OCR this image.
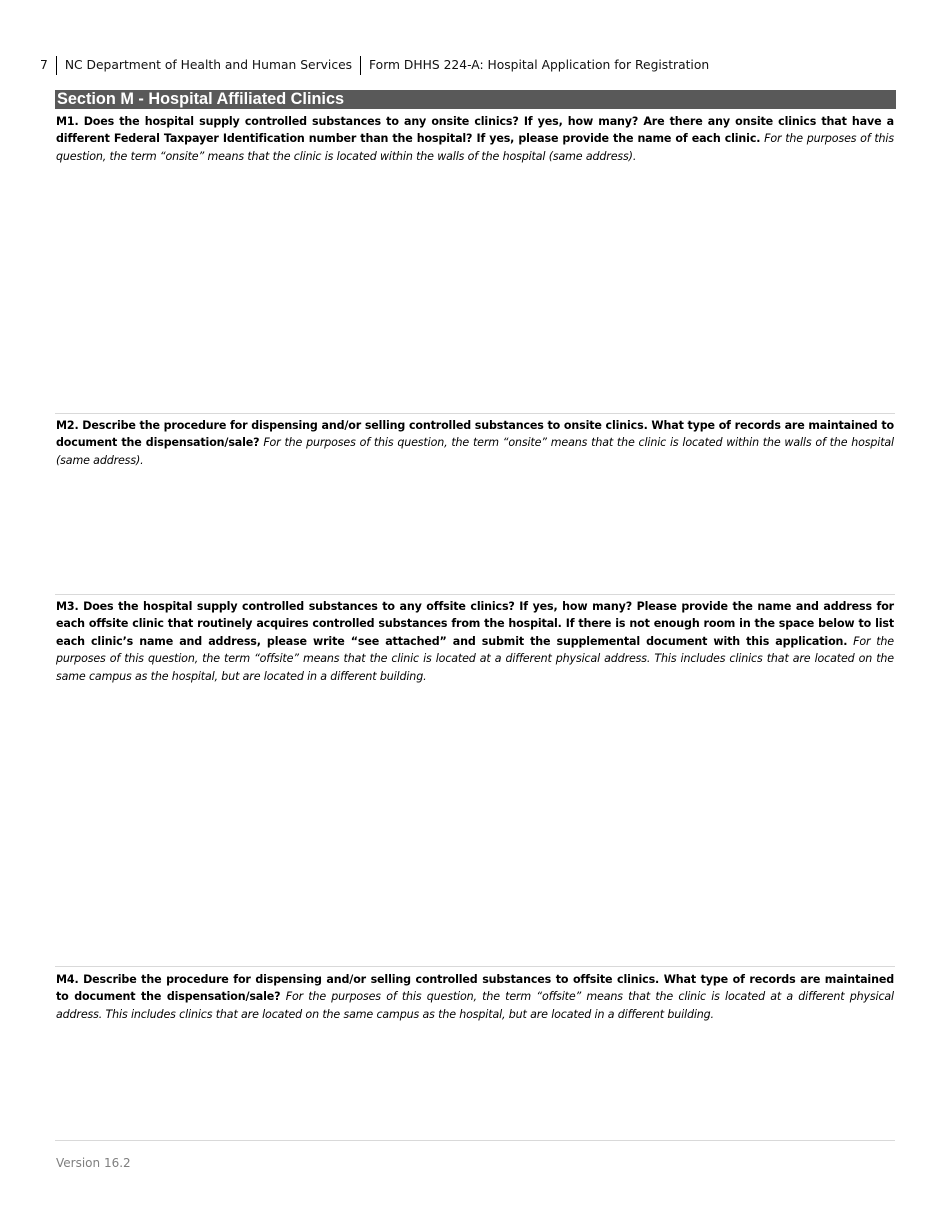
7 NC Department of Health and Human Services Form DHHS 224-A: Hospital Application for Registration
Section M - Hospital Affiliated Clinics
M1. Does the hospital supply controlled substances to any onsite clinics? If yes, how many? Are there any onsite clinics that have a different Federal Taxpayer Identification number than the hospital? If yes, please provide the name of each clinic. For the purposes of this question, the term “onsite” means that the clinic is located within the walls of the hospital (same address).
M2. Describe the procedure for dispensing and/or selling controlled substances to onsite clinics. What type of records are maintained to document the dispensation/sale? For the purposes of this question, the term “onsite” means that the clinic is located within the walls of the hospital (same address).
M3. Does the hospital supply controlled substances to any offsite clinics? If yes, how many? Please provide the name and address for each offsite clinic that routinely acquires controlled substances from the hospital. If there is not enough room in the space below to list each clinic’s name and address, please write “see attached” and submit the supplemental document with this application. For the purposes of this question, the term “offsite” means that the clinic is located at a different physical address. This includes clinics that are located on the same campus as the hospital, but are located in a different building.
M4. Describe the procedure for dispensing and/or selling controlled substances to offsite clinics. What type of records are maintained to document the dispensation/sale? For the purposes of this question, the term “offsite” means that the clinic is located at a different physical address. This includes clinics that are located on the same campus as the hospital, but are located in a different building.
Version 16.2
